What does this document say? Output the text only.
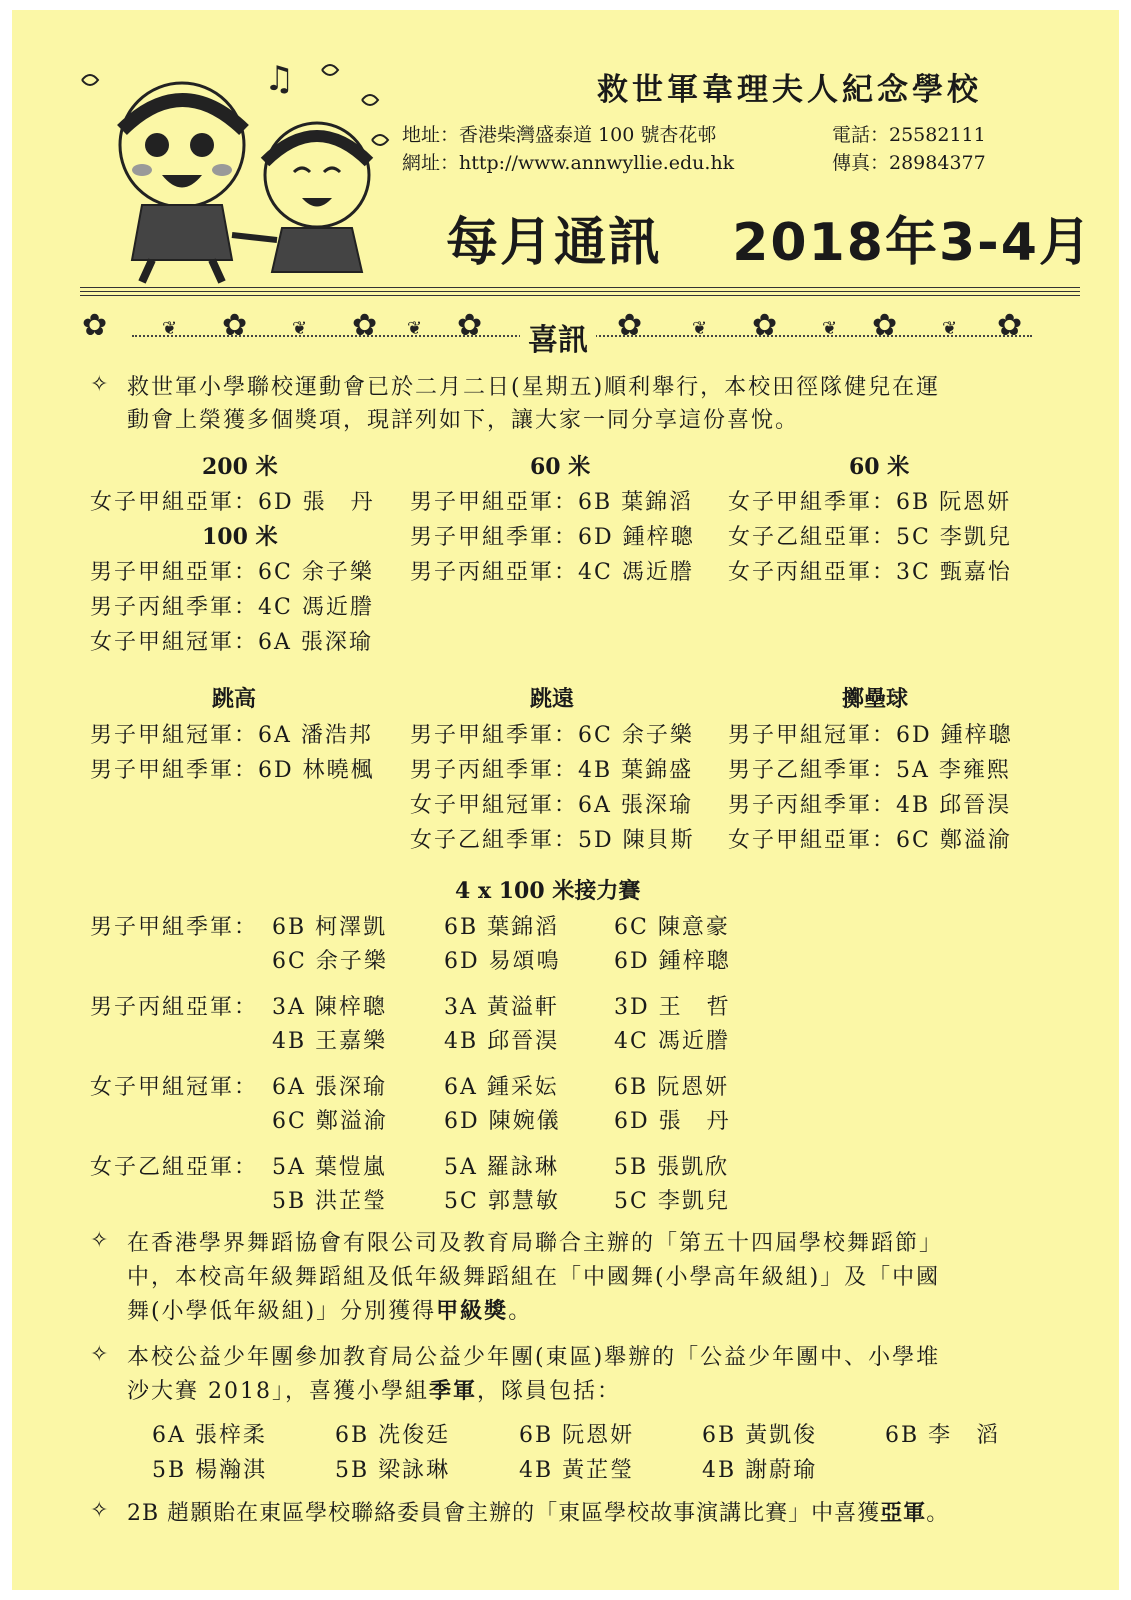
♫	救世軍韋理夫人紀念學校
地址：香港柴灣盛泰道 100 號杏花邨
網址：http://www.annwyllie.edu.hk
電話：25582111
傳真：28984377
每月通訊 2018年3-4月
✿	❦ ✿ ❦ ✿ ❦ ✿ 喜訊 ✿	❦ ✿ ❦ ✿ ❦ ✿
✧ 救世軍小學聯校運動會已於二月二日(星期五)順利舉行，本校田徑隊健兒在運
動會上榮獲多個獎項，現詳列如下，讓大家一同分享這份喜悅。
200 米
女子甲組亞軍：6D 張　丹
100 米
男子甲組亞軍：6C 余子樂
男子丙組季軍：4C 馮近謄
女子甲組冠軍：6A 張深瑜
60 米
男子甲組亞軍：6B 葉錦滔
男子甲組季軍：6D 鍾梓聰
男子丙組亞軍：4C 馮近謄
60 米
女子甲組季軍：6B 阮恩妍
女子乙組亞軍：5C 李凱兒
女子丙組亞軍：3C 甄嘉怡
跳高
男子甲組冠軍：6A 潘浩邦
男子甲組季軍：6D 林曉楓
跳遠
男子甲組季軍：6C 余子樂
男子丙組季軍：4B 葉錦盛
女子甲組冠軍：6A 張深瑜
女子乙組季軍：5D 陳貝斯
擲壘球
男子甲組冠軍：6D 鍾梓聰
男子乙組季軍：5A 李雍熙
男子丙組季軍：4B 邱晉淏
女子甲組亞軍：6C 鄭溢渝
4 x 100 米接力賽
男子甲組季軍： 6B 柯澤凱	6B 葉錦滔 6C 陳意豪
6C 余子樂	6D 易頌鳴 6D 鍾梓聰
男子丙組亞軍： 3A 陳梓聰	3A 黃溢軒	3D 王　哲
4B 王嘉樂	4B 邱晉淏 4C 馮近謄
女子甲組冠軍： 6A 張深瑜	6A 鍾采妘	6B 阮恩妍
6C 鄭溢渝	6D 陳婉儀 6D 張　丹
女子乙組亞軍： 5A 葉愷嵐	5A 羅詠琳	5B 張凱欣
5B 洪芷瑩	5C 郭慧敏 5C 李凱兒
✧ 在香港學界舞蹈協會有限公司及教育局聯合主辦的「第五十四屆學校舞蹈節」
中，本校高年級舞蹈組及低年級舞蹈組在「中國舞(小學高年級組)」及「中國
舞(小學低年級組)」分別獲得甲級獎。
✧ 本校公益少年團參加教育局公益少年團(東區)舉辦的「公益少年團中、小學堆
沙大賽 2018」，喜獲小學組季軍，隊員包括：
6A 張梓柔	6B 冼俊廷	6B 阮恩妍	6B 黃凱俊	6B 李　滔
5B 楊瀚淇	5B 梁詠琳	4B 黃芷瑩	4B 謝蔚瑜
✧ 2B 趙顥貽在東區學校聯絡委員會主辦的「東區學校故事演講比賽」中喜獲亞軍。
